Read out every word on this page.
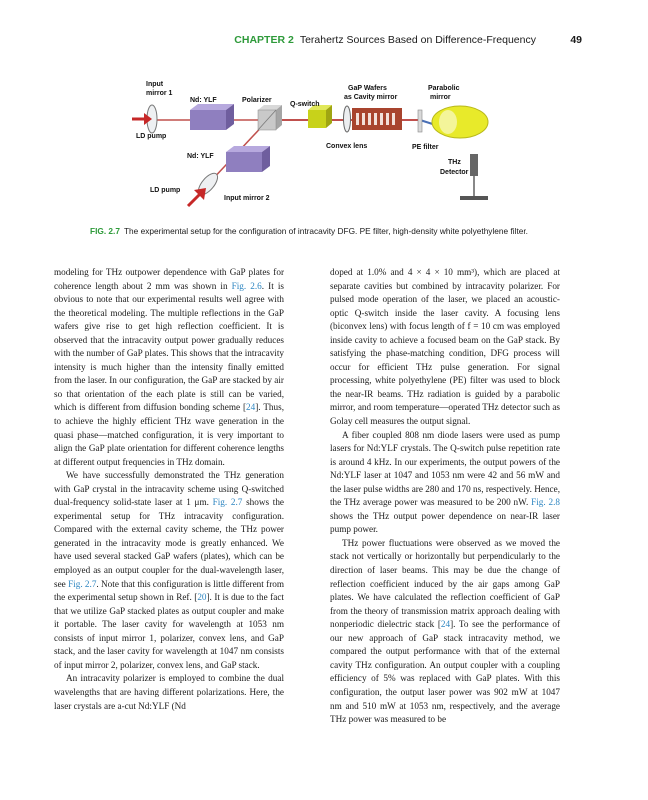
CHAPTER 2 Terahertz Sources Based on Difference-Frequency	49
Input
mirror 1
Nd: YLF	Polarizer
Q-switch
GaP Wafers
as Cavity mirror
Parabolic
mirror
LD pump
Convex lens	PE filter
Nd: YLF
THz
Detector
LD pump
Input mirror 2
FIG. 2.7 The experimental setup for the configuration of intracavity DFG. PE filter, high-density white polyethylene filter.

modeling for THz outpower dependence with GaP plates for coherence length about 2 mm was shown in Fig. 2.6. It is obvious to note that our experimental results well agree with the theoretical modeling. The multiple reflections in the GaP wafers give rise to get high reflection coefficient. It is observed that the intracavity output power gradually reduces with the number of GaP plates. This shows that the intracavity intensity is much higher than the intensity finally emitted from the laser. In our configuration, the GaP are stacked by air so that orientation of the each plate is still can be varied, which is different from diffusion bonding scheme [24]. Thus, to achieve the highly efficient THz wave generation in the quasi phase—matched configuration, it is very important to align the GaP plate orientation for different coherence lengths at different output frequencies in THz domain.

We have successfully demonstrated the THz generation with GaP crystal in the intracavity scheme using Q-switched dual-frequency solid-state laser at 1 μm. Fig. 2.7 shows the experimental setup for THz intracavity configuration. Compared with the external cavity scheme, the THz power generated in the intracavity mode is greatly enhanced. We have used several stacked GaP wafers (plates), which can be employed as an output coupler for the dual-wavelength laser, see Fig. 2.7. Note that this configuration is little different from the experimental setup shown in Ref. [20]. It is due to the fact that we utilize GaP stacked plates as output coupler and make it portable. The laser cavity for wavelength at 1053 nm consists of input mirror 1, polarizer, convex lens, and GaP stack, and the laser cavity for wavelength at 1047 nm consists of input mirror 2, polarizer, convex lens, and GaP stack.

An intracavity polarizer is employed to combine the dual wavelengths that are having different polarizations. Here, the laser crystals are a-cut Nd:YLF (Nd

doped at 1.0% and 4 × 4 × 10 mm³), which are placed at separate cavities but combined by intracavity polarizer. For pulsed mode operation of the laser, we placed an acoustic-optic Q-switch inside the laser cavity. A focusing lens (biconvex lens) with focus length of f = 10 cm was employed inside cavity to achieve a focused beam on the GaP stack. By satisfying the phase-matching condition, DFG process will occur for efficient THz pulse generation. For signal processing, white polyethylene (PE) filter was used to block the near-IR beams. THz radiation is guided by a parabolic mirror, and room temperature—operated THz detector such as Golay cell measures the output signal.

A fiber coupled 808 nm diode lasers were used as pump lasers for Nd:YLF crystals. The Q-switch pulse repetition rate is around 4 kHz. In our experiments, the output powers of the Nd:YLF laser at 1047 and 1053 nm were 42 and 56 mW and the laser pulse widths are 280 and 170 ns, respectively. Hence, the THz average power was measured to be 200 nW. Fig. 2.8 shows the THz output power dependence on near-IR laser pump power.

THz power fluctuations were observed as we moved the stack not vertically or horizontally but perpendicularly to the direction of laser beams. This may be due the change of reflection coefficient induced by the air gaps among GaP plates. We have calculated the reflection coefficient of GaP from the theory of transmission matrix approach dealing with nonperiodic dielectric stack [24]. To see the performance of our new approach of GaP stack intracavity method, we compared the output performance with that of the external cavity THz configuration. An output coupler with a coupling efficiency of 5% was replaced with GaP plates. With this configuration, the output laser power was 902 mW at 1047 nm and 510 mW at 1053 nm, respectively, and the average THz power was measured to be
